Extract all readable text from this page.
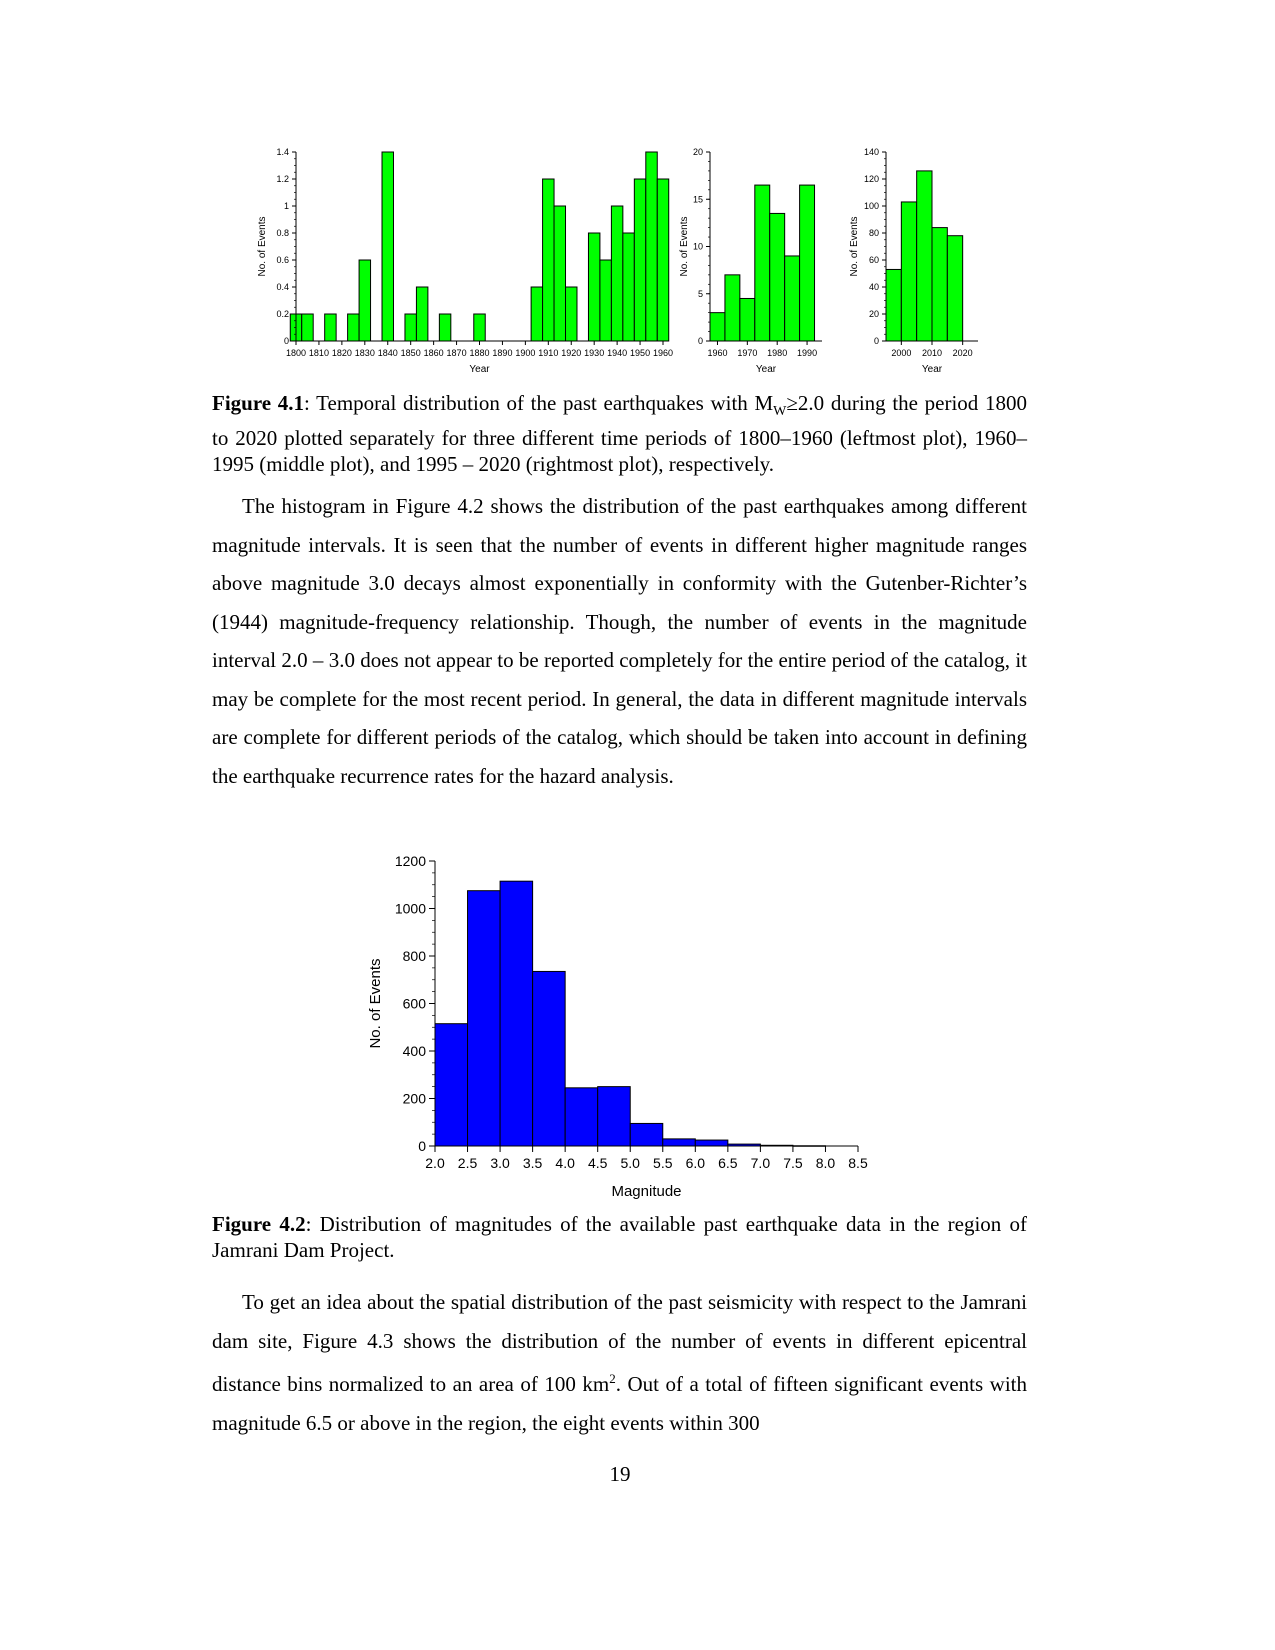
0
0.2
0.4
0.6
0.8
1
1.2
1.4
1800 1810 1820 1830 1840 1850 1860 1870 1880 1890 1900 1910 1920 1930 1940 1950 1960
Year
No. of Events
0
5
10
15
20
1960 1970 1980 1990
Year
No. of Events
0
20
40
60
80
100
120
140
2000 2010 2020
Year
No. of Events

Figure 4.1: Temporal distribution of the past earthquakes with $M_W\ge 2.0$ during the period 1800 to 2020 plotted separately for three different time periods of 1800–1960 (leftmost plot), 1960–1995 (middle plot), and 1995 – 2020 (rightmost plot), respectively.

The histogram in Figure 4.2 shows the distribution of the past earthquakes among different magnitude intervals. It is seen that the number of events in different higher magnitude ranges above magnitude 3.0 decays almost exponentially in conformity with the Gutenber-Richter’s (1944) magnitude-frequency relationship. Though, the number of events in the magnitude interval 2.0 – 3.0 does not appear to be reported completely for the entire period of the catalog, it may be complete for the most recent period. In general, the data in different magnitude intervals are complete for different periods of the catalog, which should be taken into account in defining the earthquake recurrence rates for the hazard analysis.

0
200
400
600
800
1000
1200
2.0 2.5 3.0 3.5 4.0 4.5 5.0 5.5 6.0 6.5 7.0 7.5 8.0 8.5
Magnitude
No. of Events

Figure 4.2: Distribution of magnitudes of the available past earthquake data in the region of Jamrani Dam Project.

To get an idea about the spatial distribution of the past seismicity with respect to the Jamrani dam site, Figure 4.3 shows the distribution of the number of events in different epicentral distance bins normalized to an area of 100 $km^2$. Out of a total of fifteen significant events with magnitude 6.5 or above in the region, the eight events within 300

19
